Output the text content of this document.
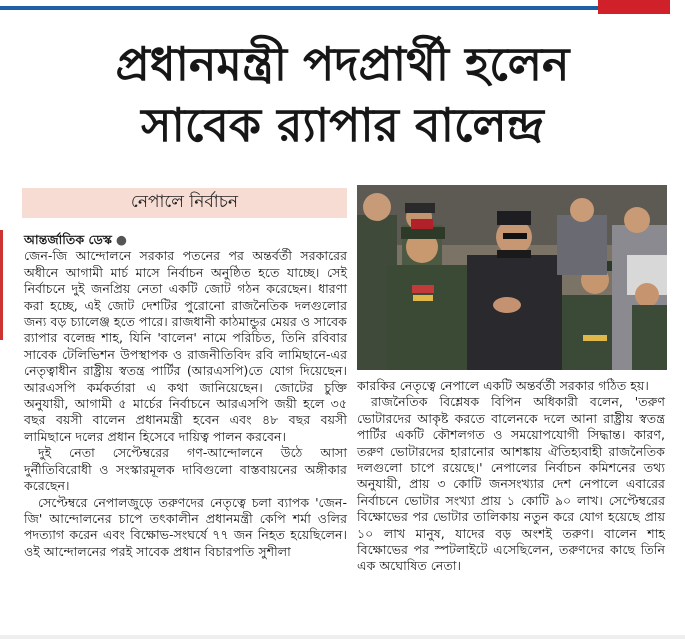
প্রধানমন্ত্রী পদপ্রার্থী হলেন
সাবেক র‍্যাপার বালেন্দ্র
নেপালে নির্বাচন

আন্তর্জাতিক ডেস্ক ●

জেন-জি আন্দোলনে সরকার পতনের পর অন্তর্বর্তী সরকারের অধীনে আগামী মার্চ মাসে নির্বাচন অনুষ্ঠিত হতে যাচ্ছে। সেই নির্বাচনে দুই জনপ্রিয় নেতা একটি জোট গঠন করেছেন। ধারণা করা হচ্ছে, এই জোট দেশটির পুরোনো রাজনৈতিক দলগুলোর জন্য বড় চ্যালেঞ্জ হতে পারে। রাজধানী কাঠমান্ডুর মেয়র ও সাবেক র‍্যাপার বলেন্দ্র শাহ, যিনি 'বালেন' নামে পরিচিত, তিনি রবিবার সাবেক টেলিভিশন উপস্থাপক ও রাজনীতিবিদ রবি লামিছানে-এর নেতৃত্বাধীন রাষ্ট্রীয় স্বতন্ত্র পার্টির (আরএসপি)তে যোগ দিয়েছেন। আরএসপি কর্মকর্তারা এ কথা জানিয়েছেন। জোটের চুক্তি অনুযায়ী, আগামী ৫ মার্চের নির্বাচনে আরএসপি জয়ী হলে ৩৫ বছর বয়সী বালেন প্রধানমন্ত্রী হবেন এবং ৪৮ বছর বয়সী লামিছানে দলের প্রধান হিসেবে দায়িত্ব পালন করবেন।

দুই নেতা সেপ্টেম্বরের গণ-আন্দোলনে উঠে আসা দুর্নীতিবিরোধী ও সংস্কারমূলক দাবিগুলো বাস্তবায়নের অঙ্গীকার করেছেন।

সেপ্টেম্বরে নেপালজুড়ে তরুণদের নেতৃত্বে চলা ব্যাপক 'জেন-জি' আন্দোলনের চাপে তৎকালীন প্রধানমন্ত্রী কেপি শর্মা ওলির পদত্যাগ করেন এবং বিক্ষোভ-সংঘর্ষে ৭৭ জন নিহত হয়েছিলেন। ওই আন্দোলনের পরই সাবেক প্রধান বিচারপতি সুশীলা

কারকির নেতৃত্বে নেপালে একটি অন্তর্বর্তী সরকার গঠিত হয়।

রাজনৈতিক বিশ্লেষক বিপিন অধিকারী বলেন, 'তরুণ ভোটারদের আকৃষ্ট করতে বালেনকে দলে আনা রাষ্ট্রীয় স্বতন্ত্র পার্টির একটি কৌশলগত ও সময়োপযোগী সিদ্ধান্ত। কারণ, তরুণ ভোটারদের হারানোর আশঙ্কায় ঐতিহ্যবাহী রাজনৈতিক দলগুলো চাপে রয়েছে।' নেপালের নির্বাচন কমিশনের তথ্য অনুযায়ী, প্রায় ৩ কোটি জনসংখ্যার দেশ নেপালে এবারের নির্বাচনে ভোটার সংখ্যা প্রায় ১ কোটি ৯০ লাখ। সেপ্টেম্বরের বিক্ষোভের পর ভোটার তালিকায় নতুন করে যোগ হয়েছে প্রায় ১০ লাখ মানুষ, যাদের বড় অংশই তরুণ। বালেন শাহ বিক্ষোভের পর স্পটলাইটে এসেছিলেন, তরুণদের কাছে তিনি এক অঘোষিত নেতা।
